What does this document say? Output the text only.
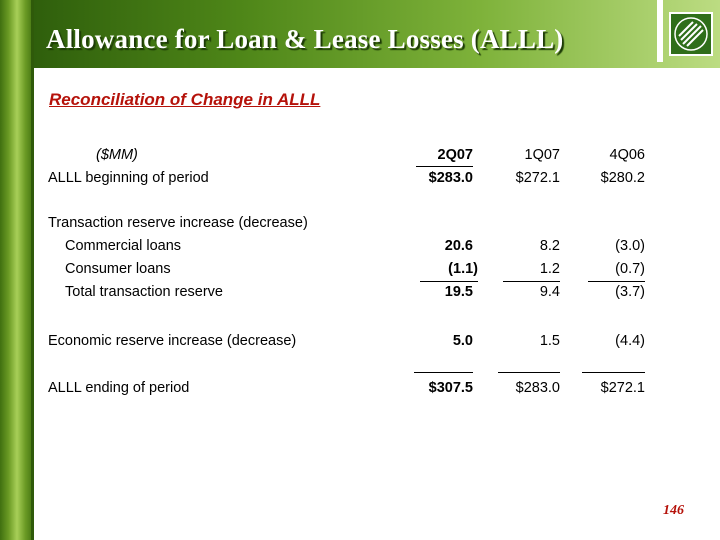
Allowance for Loan & Lease Losses (ALLL)
Reconciliation of Change in ALLL
($MM)	2Q07	1Q07	4Q06
ALLL beginning of period	$283.0	$272.1	$280.2
Transaction reserve increase (decrease)
Commercial loans	20.6	8.2	(3.0)
Consumer loans	(1.1)	1.2	(0.7)
Total transaction reserve	19.5	9.4	(3.7)
Economic reserve increase (decrease)	5.0	1.5	(4.4)
ALLL ending of period	$307.5	$283.0	$272.1
146
